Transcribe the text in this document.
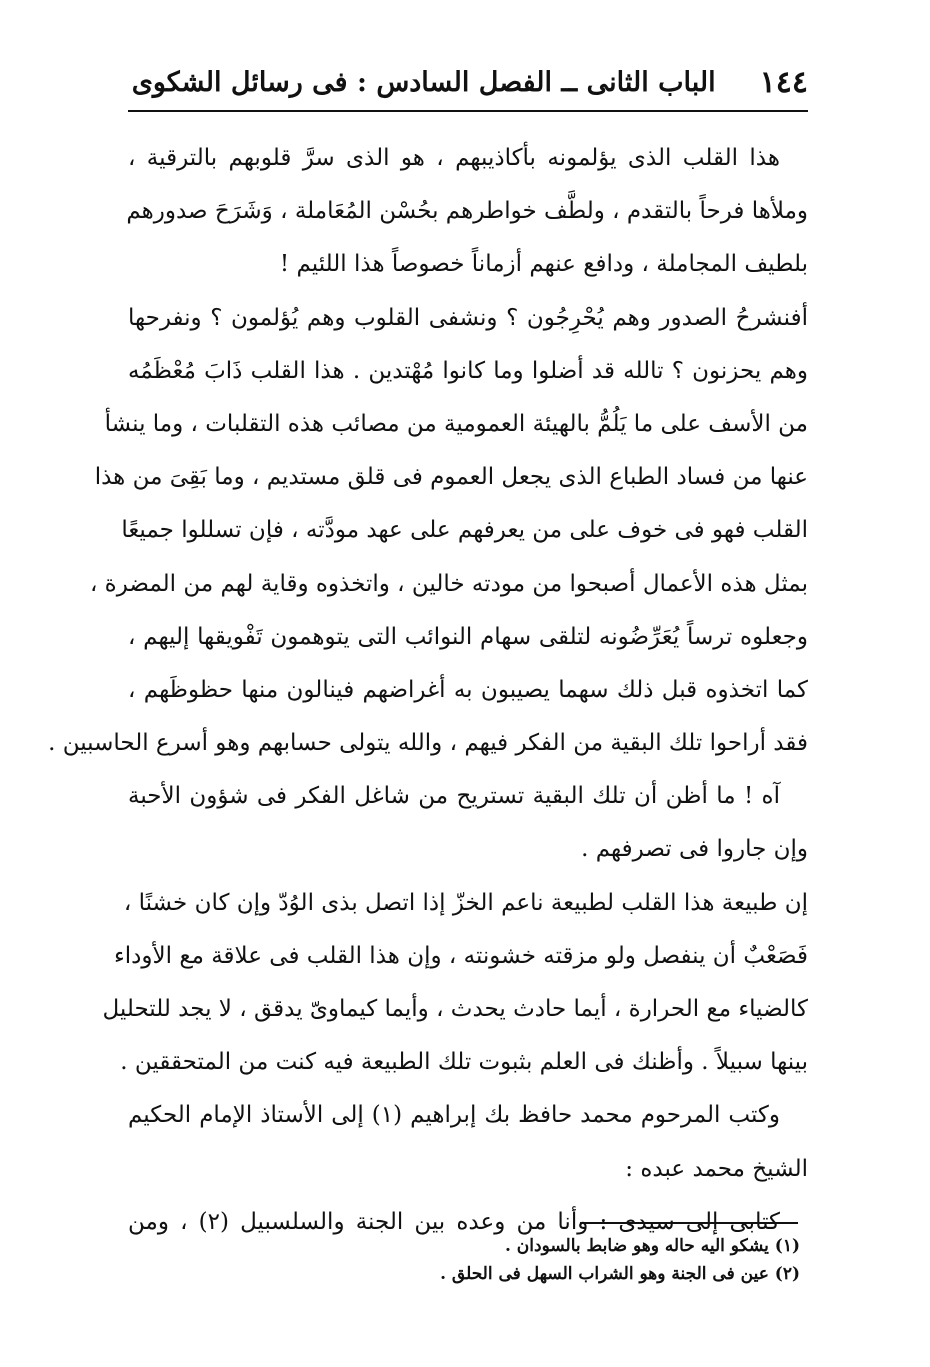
١٤٤
الباب الثانى ــ الفصل السادس : فى رسائل الشكوى
هذا القلب الذى يؤلمونه بأكاذيبهم ، هو الذى سرَّ قلوبهم بالترقية ،
وملأها فرحاً بالتقدم ، ولطَّف خواطرهم بحُسْن المُعَاملة ، وَشَرَحَ صدورهم
بلطيف المجاملة ، ودافع عنهم أزماناً خصوصاً هذا اللئيم !
أفنشرحُ الصدور وهم يُحْرِجُون ؟ ونشفى القلوب وهم يُؤلمون ؟ ونفرحها
وهم يحزنون ؟ تالله قد أضلوا وما كانوا مُهْتدين . هذا القلب ذَابَ مُعْظَمُه
من الأسف على ما يَلُمُّ بالهيئة العمومية من مصائب هذه التقلبات ، وما ينشأ
عنها من فساد الطباع الذى يجعل العموم فى قلق مستديم ، وما بَقِىَ من هذا
القلب فهو فى خوف على من يعرفهم على عهد مودَّته ، فإن تسللوا جميعًا
بمثل هذه الأعمال أصبحوا من مودته خالين ، واتخذوه وقاية لهم من المضرة ،
وجعلوه ترساً يُعَرِّضُونه لتلقى سهام النوائب التى يتوهمون تَفْويقها إليهم ،
كما اتخذوه قبل ذلك سهما يصيبون به أغراضهم فينالون منها حظوظَهم ،
فقد أراحوا تلك البقية من الفكر فيهم ، والله يتولى حسابهم وهو أسرع الحاسبين .
آه ! ما أظن أن تلك البقية تستريح من شاغل الفكر فى شؤون الأحبة
وإن جاروا فى تصرفهم .
إن طبيعة هذا القلب لطبيعة ناعم الخزّ إذا اتصل بذى الوُدّ وإن كان خشنًا ،
فَصَعْبٌ أن ينفصل ولو مزقته خشونته ، وإن هذا القلب فى علاقة مع الأوداء
كالضياء مع الحرارة ، أيما حادث يحدث ، وأيما كيماوىّ يدقق ، لا يجد للتحليل
بينها سبيلاً . وأظنك فى العلم بثبوت تلك الطبيعة فيه كنت من المتحققين .
وكتب المرحوم محمد حافظ بك إبراهيم (١) إلى الأستاذ الإمام الحكيم
الشيخ محمد عبده :
كتابى إلى سيدى : وأنا من وعده بين الجنة والسلسبيل (٢) ، ومن
(١) يشكو اليه حاله وهو ضابط بالسودان .
(٢) عين فى الجنة وهو الشراب السهل فى الحلق .
